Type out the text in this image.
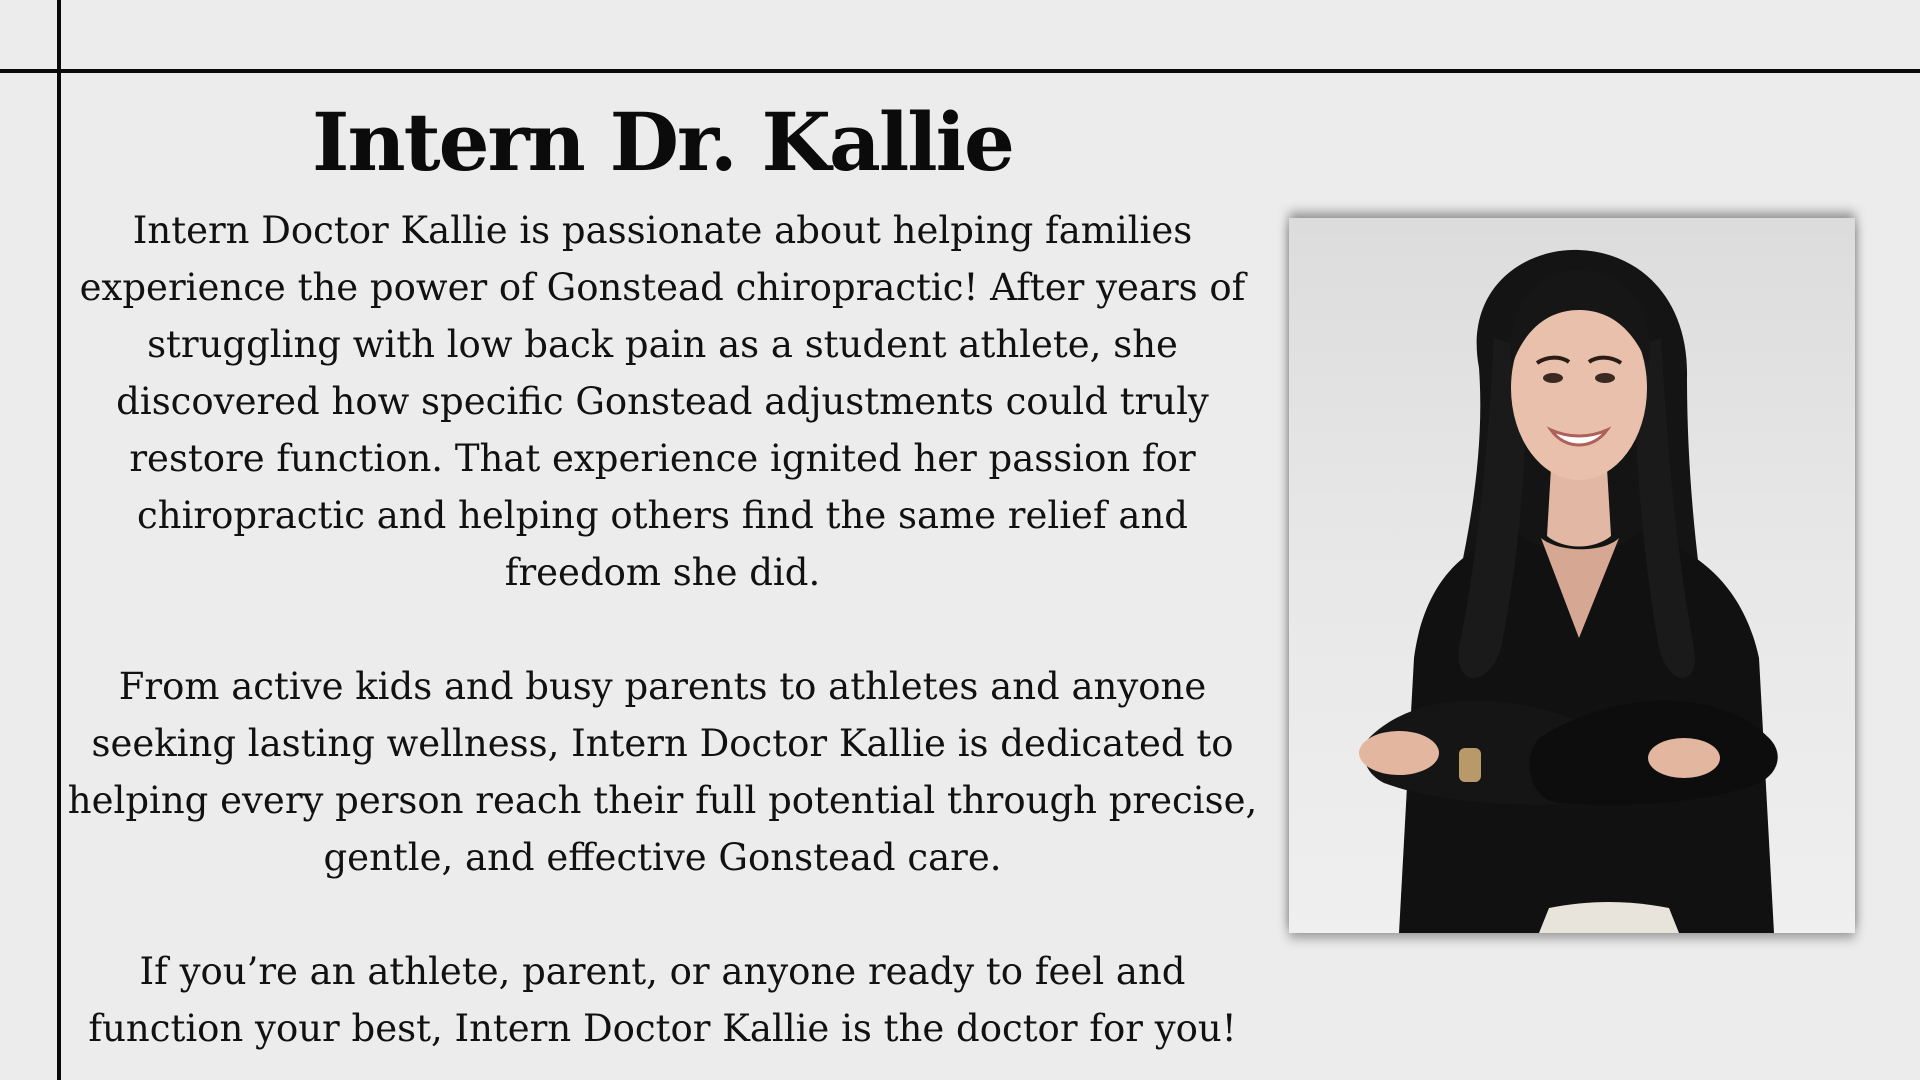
Intern Dr. Kallie

Intern Doctor Kallie is passionate about helping families experience the power of Gonstead chiropractic! After years of struggling with low back pain as a student athlete, she discovered how specific Gonstead adjustments could truly restore function. That experience ignited her passion for chiropractic and helping others find the same relief and freedom she did.

From active kids and busy parents to athletes and anyone seeking lasting wellness, Intern Doctor Kallie is dedicated to helping every person reach their full potential through precise, gentle, and effective Gonstead care.

If you’re an athlete, parent, or anyone ready to feel and function your best, Intern Doctor Kallie is the doctor for you!
